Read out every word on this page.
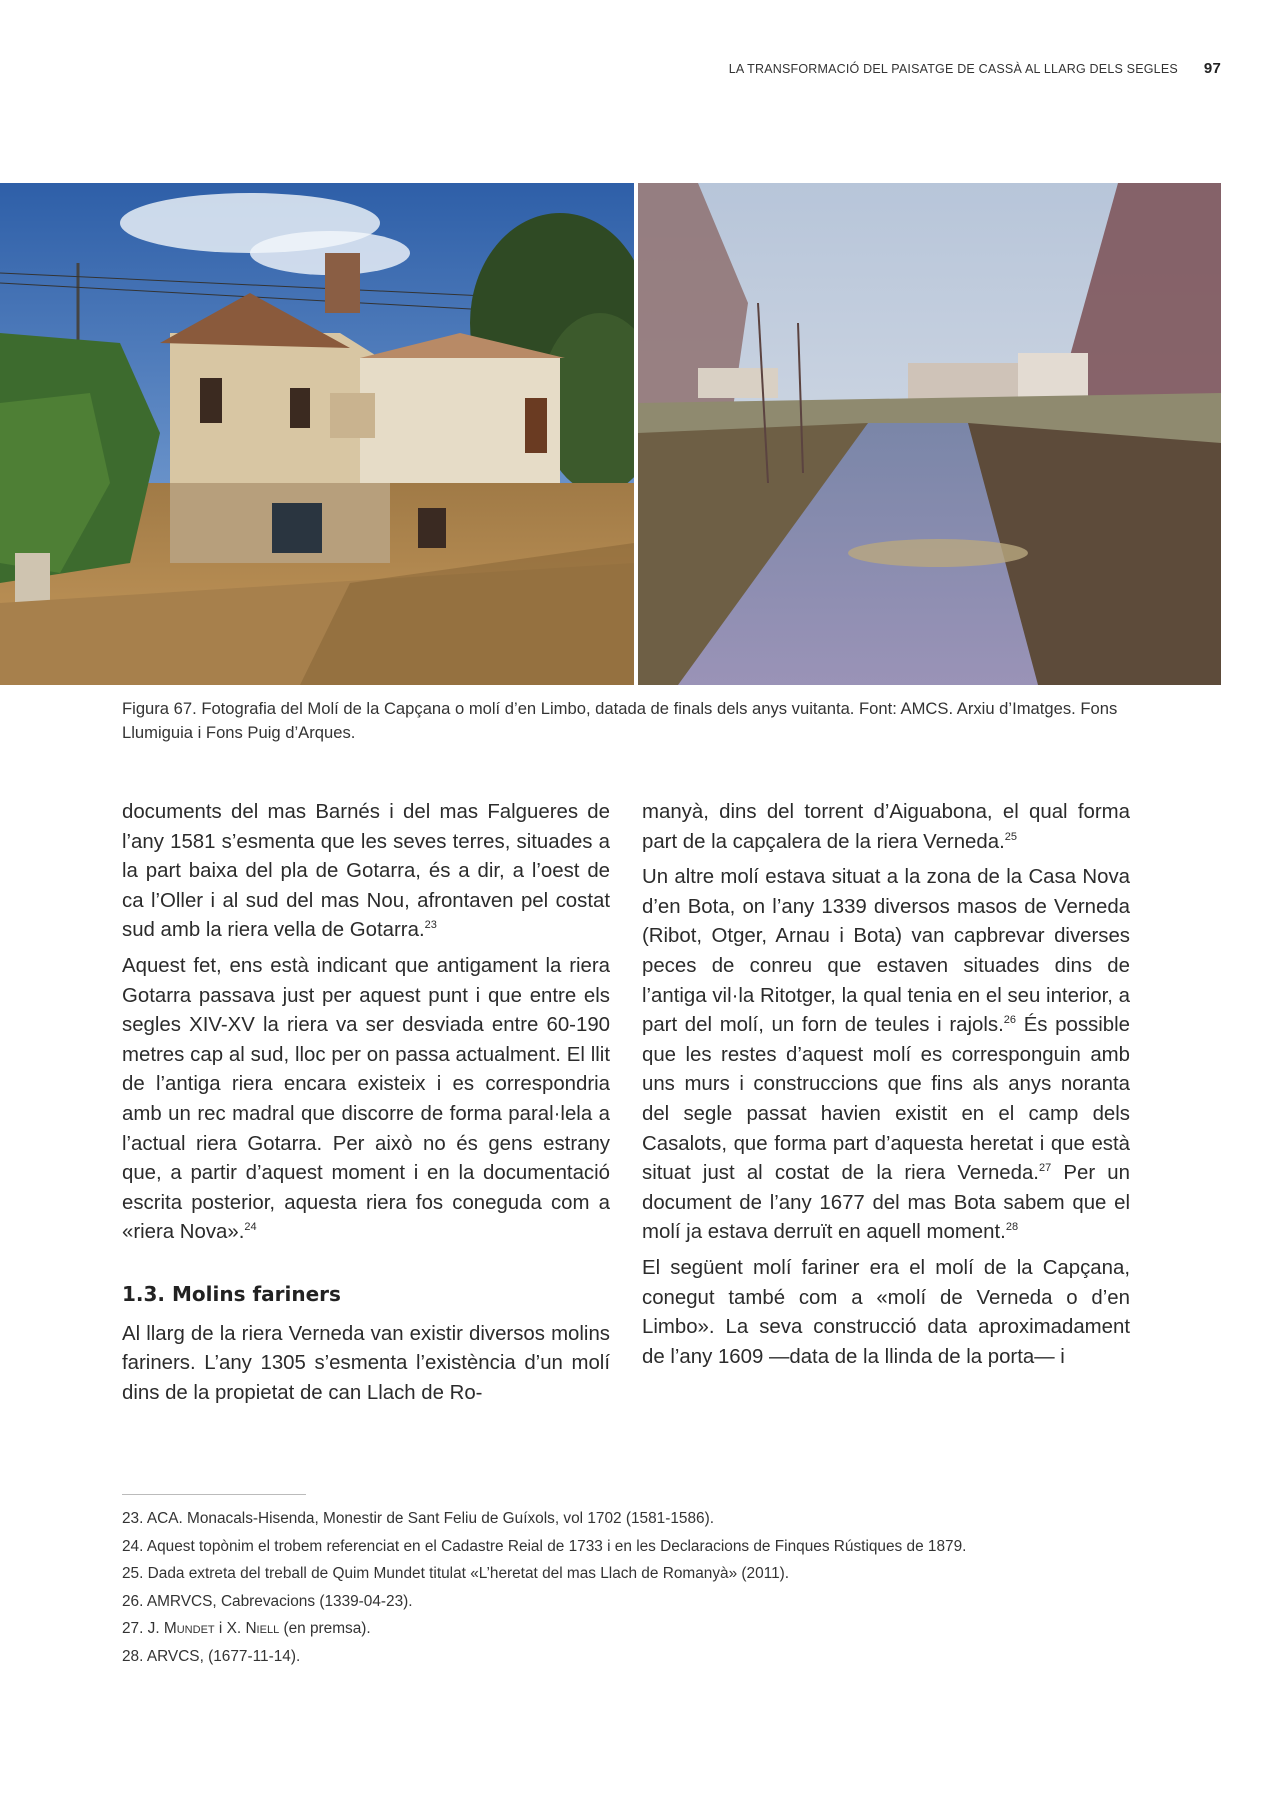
LA TRANSFORMACIÓ DEL PAISATGE DE CASSÀ AL LLARG DELS SEGLES 97
Figura 67. Fotografia del Molí de la Capçana o molí d’en Limbo, datada de finals dels anys vuitanta. Font: AMCS. Arxiu d’Imatges. Fons Llumiguia i Fons Puig d’Arques.

documents del mas Barnés i del mas Falgueres de l’any 1581 s’esmenta que les seves terres, situades a la part baixa del pla de Gotarra, és a dir, a l’oest de ca l’Oller i al sud del mas Nou, afrontaven pel costat sud amb la riera vella de Gotarra.$^{23}$

Aquest fet, ens està indicant que antigament la riera Gotarra passava just per aquest punt i que entre els segles XIV-XV la riera va ser desviada entre 60-190 metres cap al sud, lloc per on passa actualment. El llit de l’antiga riera encara existeix i es correspondria amb un rec madral que discorre de forma paral·lela a l’actual riera Gotarra. Per això no és gens estrany que, a partir d’aquest moment i en la documentació escrita posterior, aquesta riera fos coneguda com a «riera Nova».$^{24}$

1.3. Molins fariners

Al llarg de la riera Verneda van existir diversos molins fariners. L’any 1305 s’esmenta l’existència d’un molí dins de la propietat de can Llach de Ro-

manyà, dins del torrent d’Aiguabona, el qual forma part de la capçalera de la riera Verneda.$^{25}$

Un altre molí estava situat a la zona de la Casa Nova d’en Bota, on l’any 1339 diversos masos de Verneda (Ribot, Otger, Arnau i Bota) van capbrevar diverses peces de conreu que estaven situades dins de l’antiga vil·la Ritotger, la qual tenia en el seu interior, a part del molí, un forn de teules i rajols.$^{26}$ És possible que les restes d’aquest molí es corresponguin amb uns murs i construccions que fins als anys noranta del segle passat havien existit en el camp dels Casalots, que forma part d’aquesta heretat i que està situat just al costat de la riera Verneda.$^{27}$ Per un document de l’any 1677 del mas Bota sabem que el molí ja estava derruït en aquell moment.$^{28}$

El següent molí fariner era el molí de la Capçana, conegut també com a «molí de Verneda o d’en Limbo». La seva construcció data aproximadament de l’any 1609 —data de la llinda de la porta— i

23. ACA. Monacals-Hisenda, Monestir de Sant Feliu de Guíxols, vol 1702 (1581-1586).
24. Aquest topònim el trobem referenciat en el Cadastre Reial de 1733 i en les Declaracions de Finques Rústiques de 1879.
25. Dada extreta del treball de Quim Mundet titulat «L’heretat del mas Llach de Romanyà» (2011).
26. AMRVCS, Cabrevacions (1339-04-23).
27. J. Mundet i X. Niell (en premsa).
28. ARVCS, (1677-11-14).
